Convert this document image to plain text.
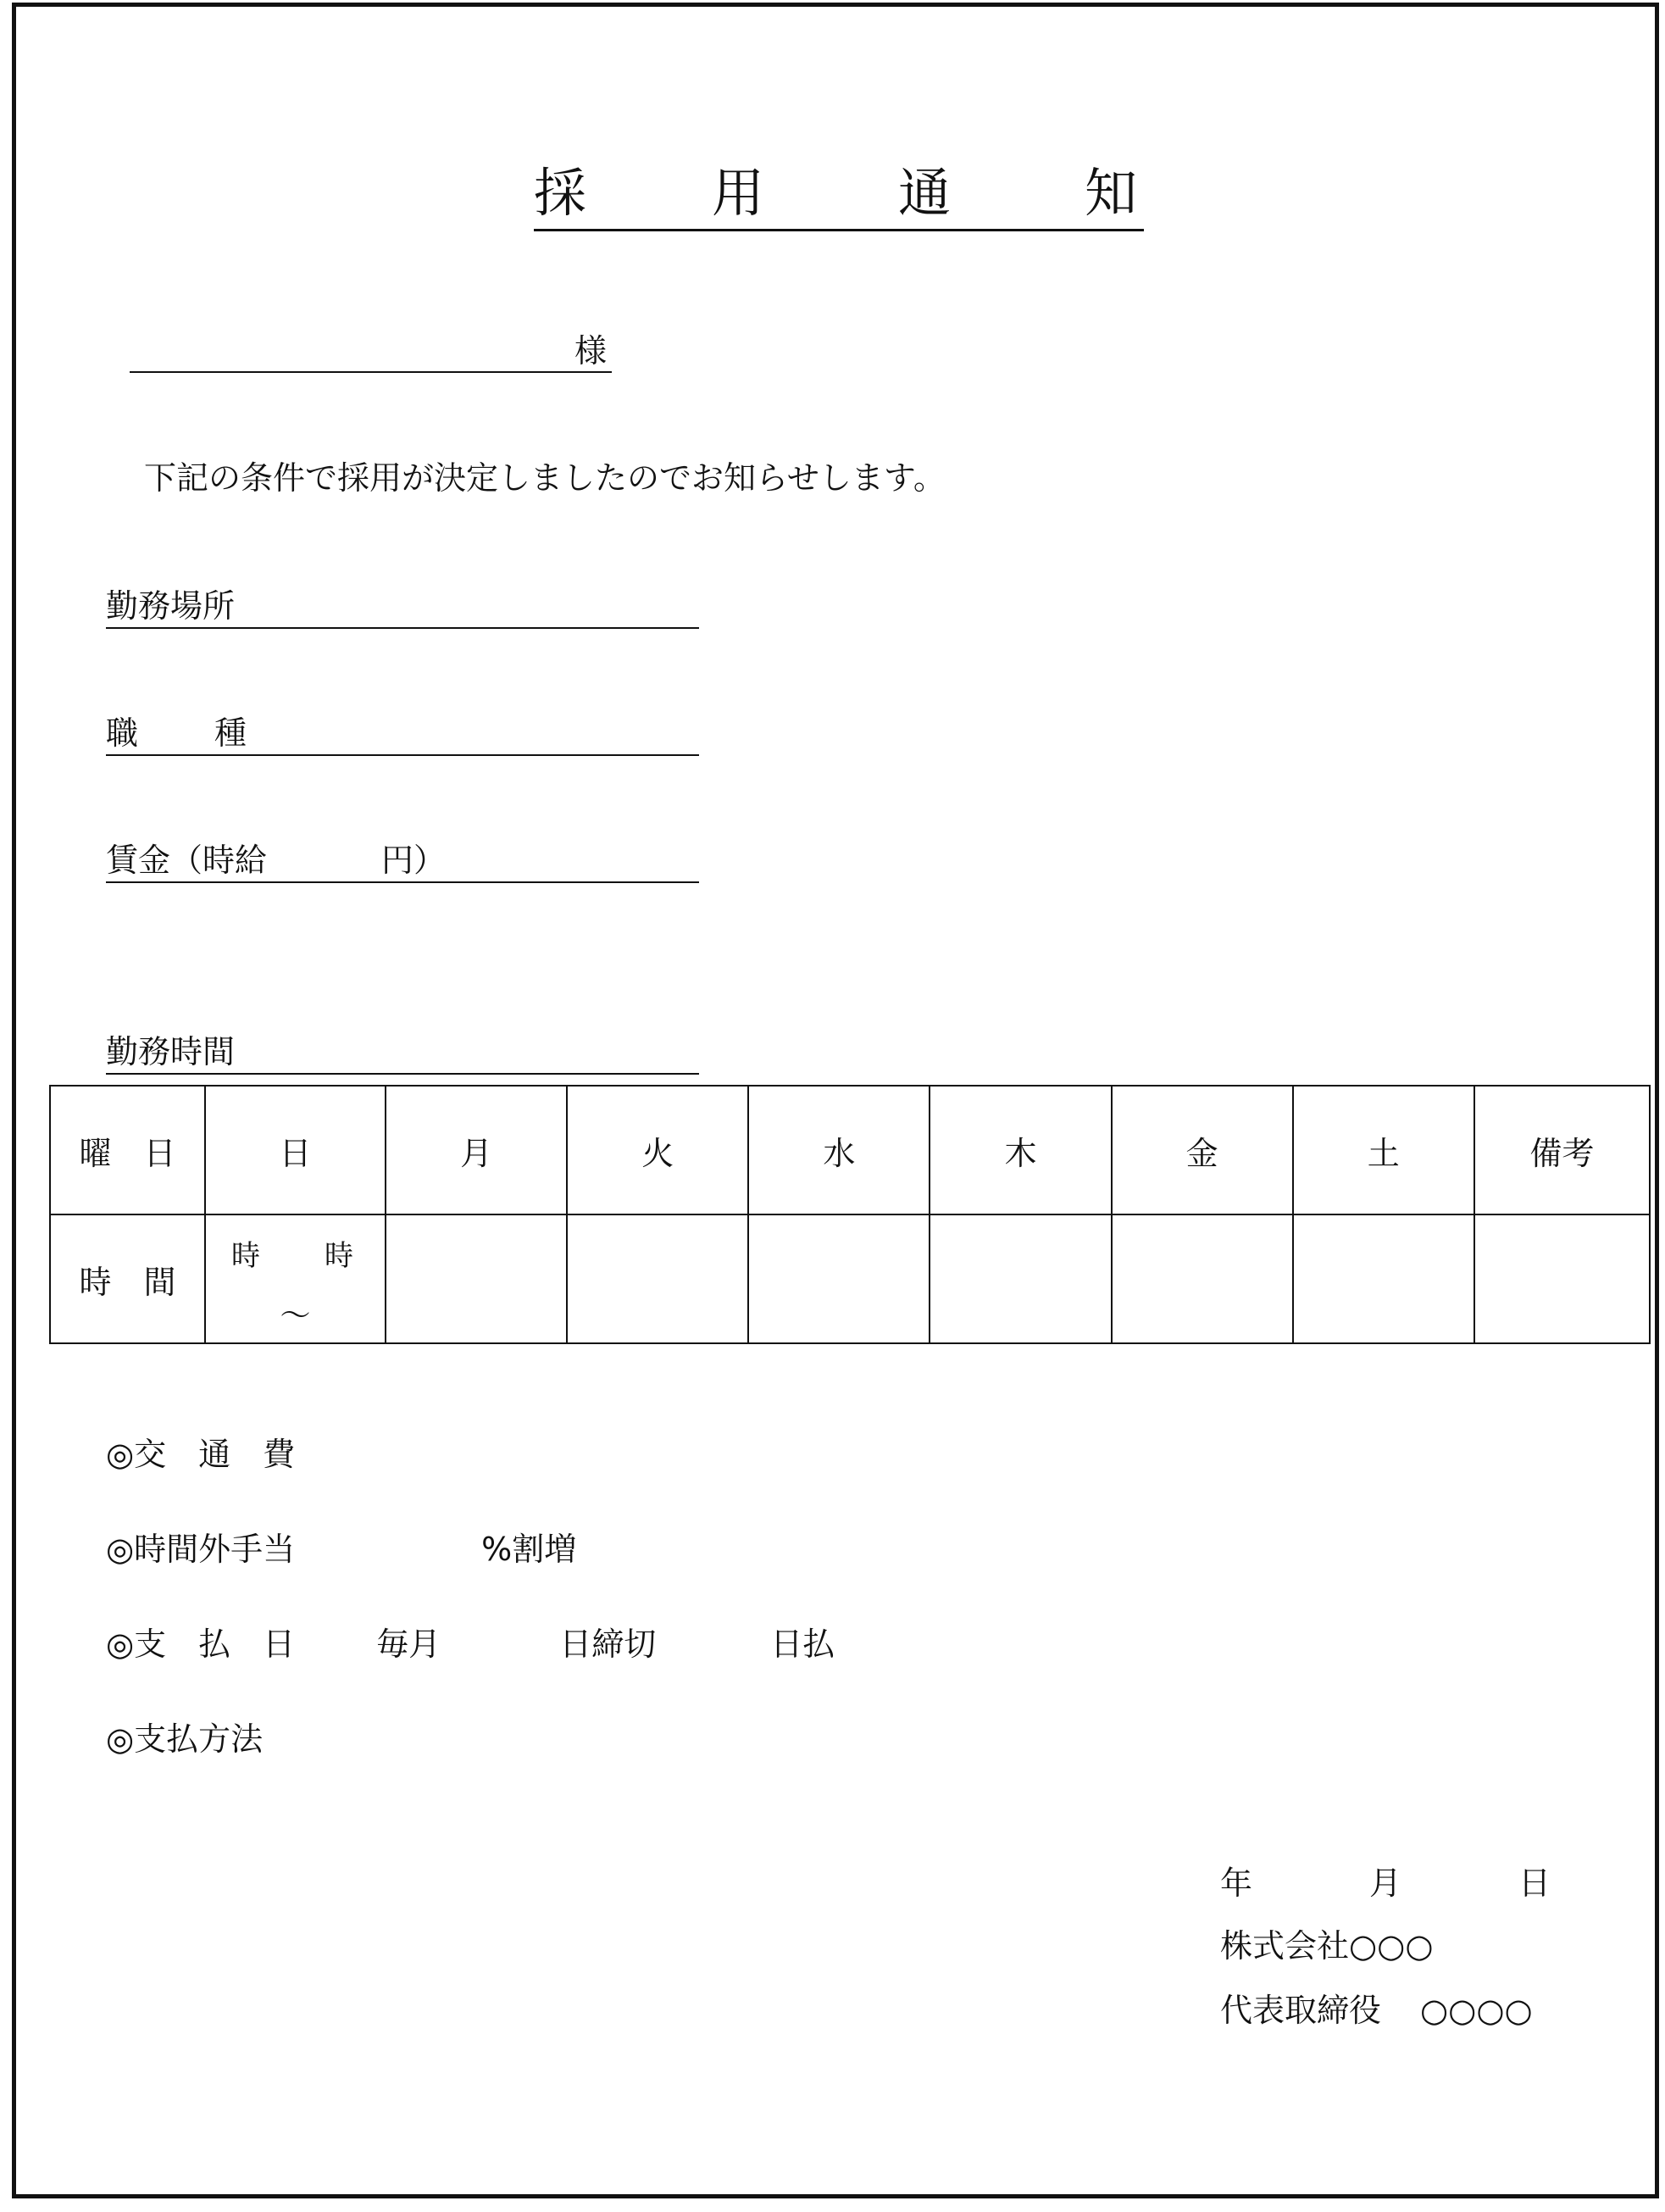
採 用	通	知
様
下記の条件で採用が決定しましたのでお知らせします。
勤務場所
職 種
賃金（時給	円）
勤務時間
曜　日	日	月	火	水	木	金	土	備考
時　間	時 時
～							

◎交　通　費
◎時間外手当	%割増
◎支　払　日	毎月	日締切	日払
◎支払方法
年	月	日
株式会社○○○
代表取締役 ○○○○
